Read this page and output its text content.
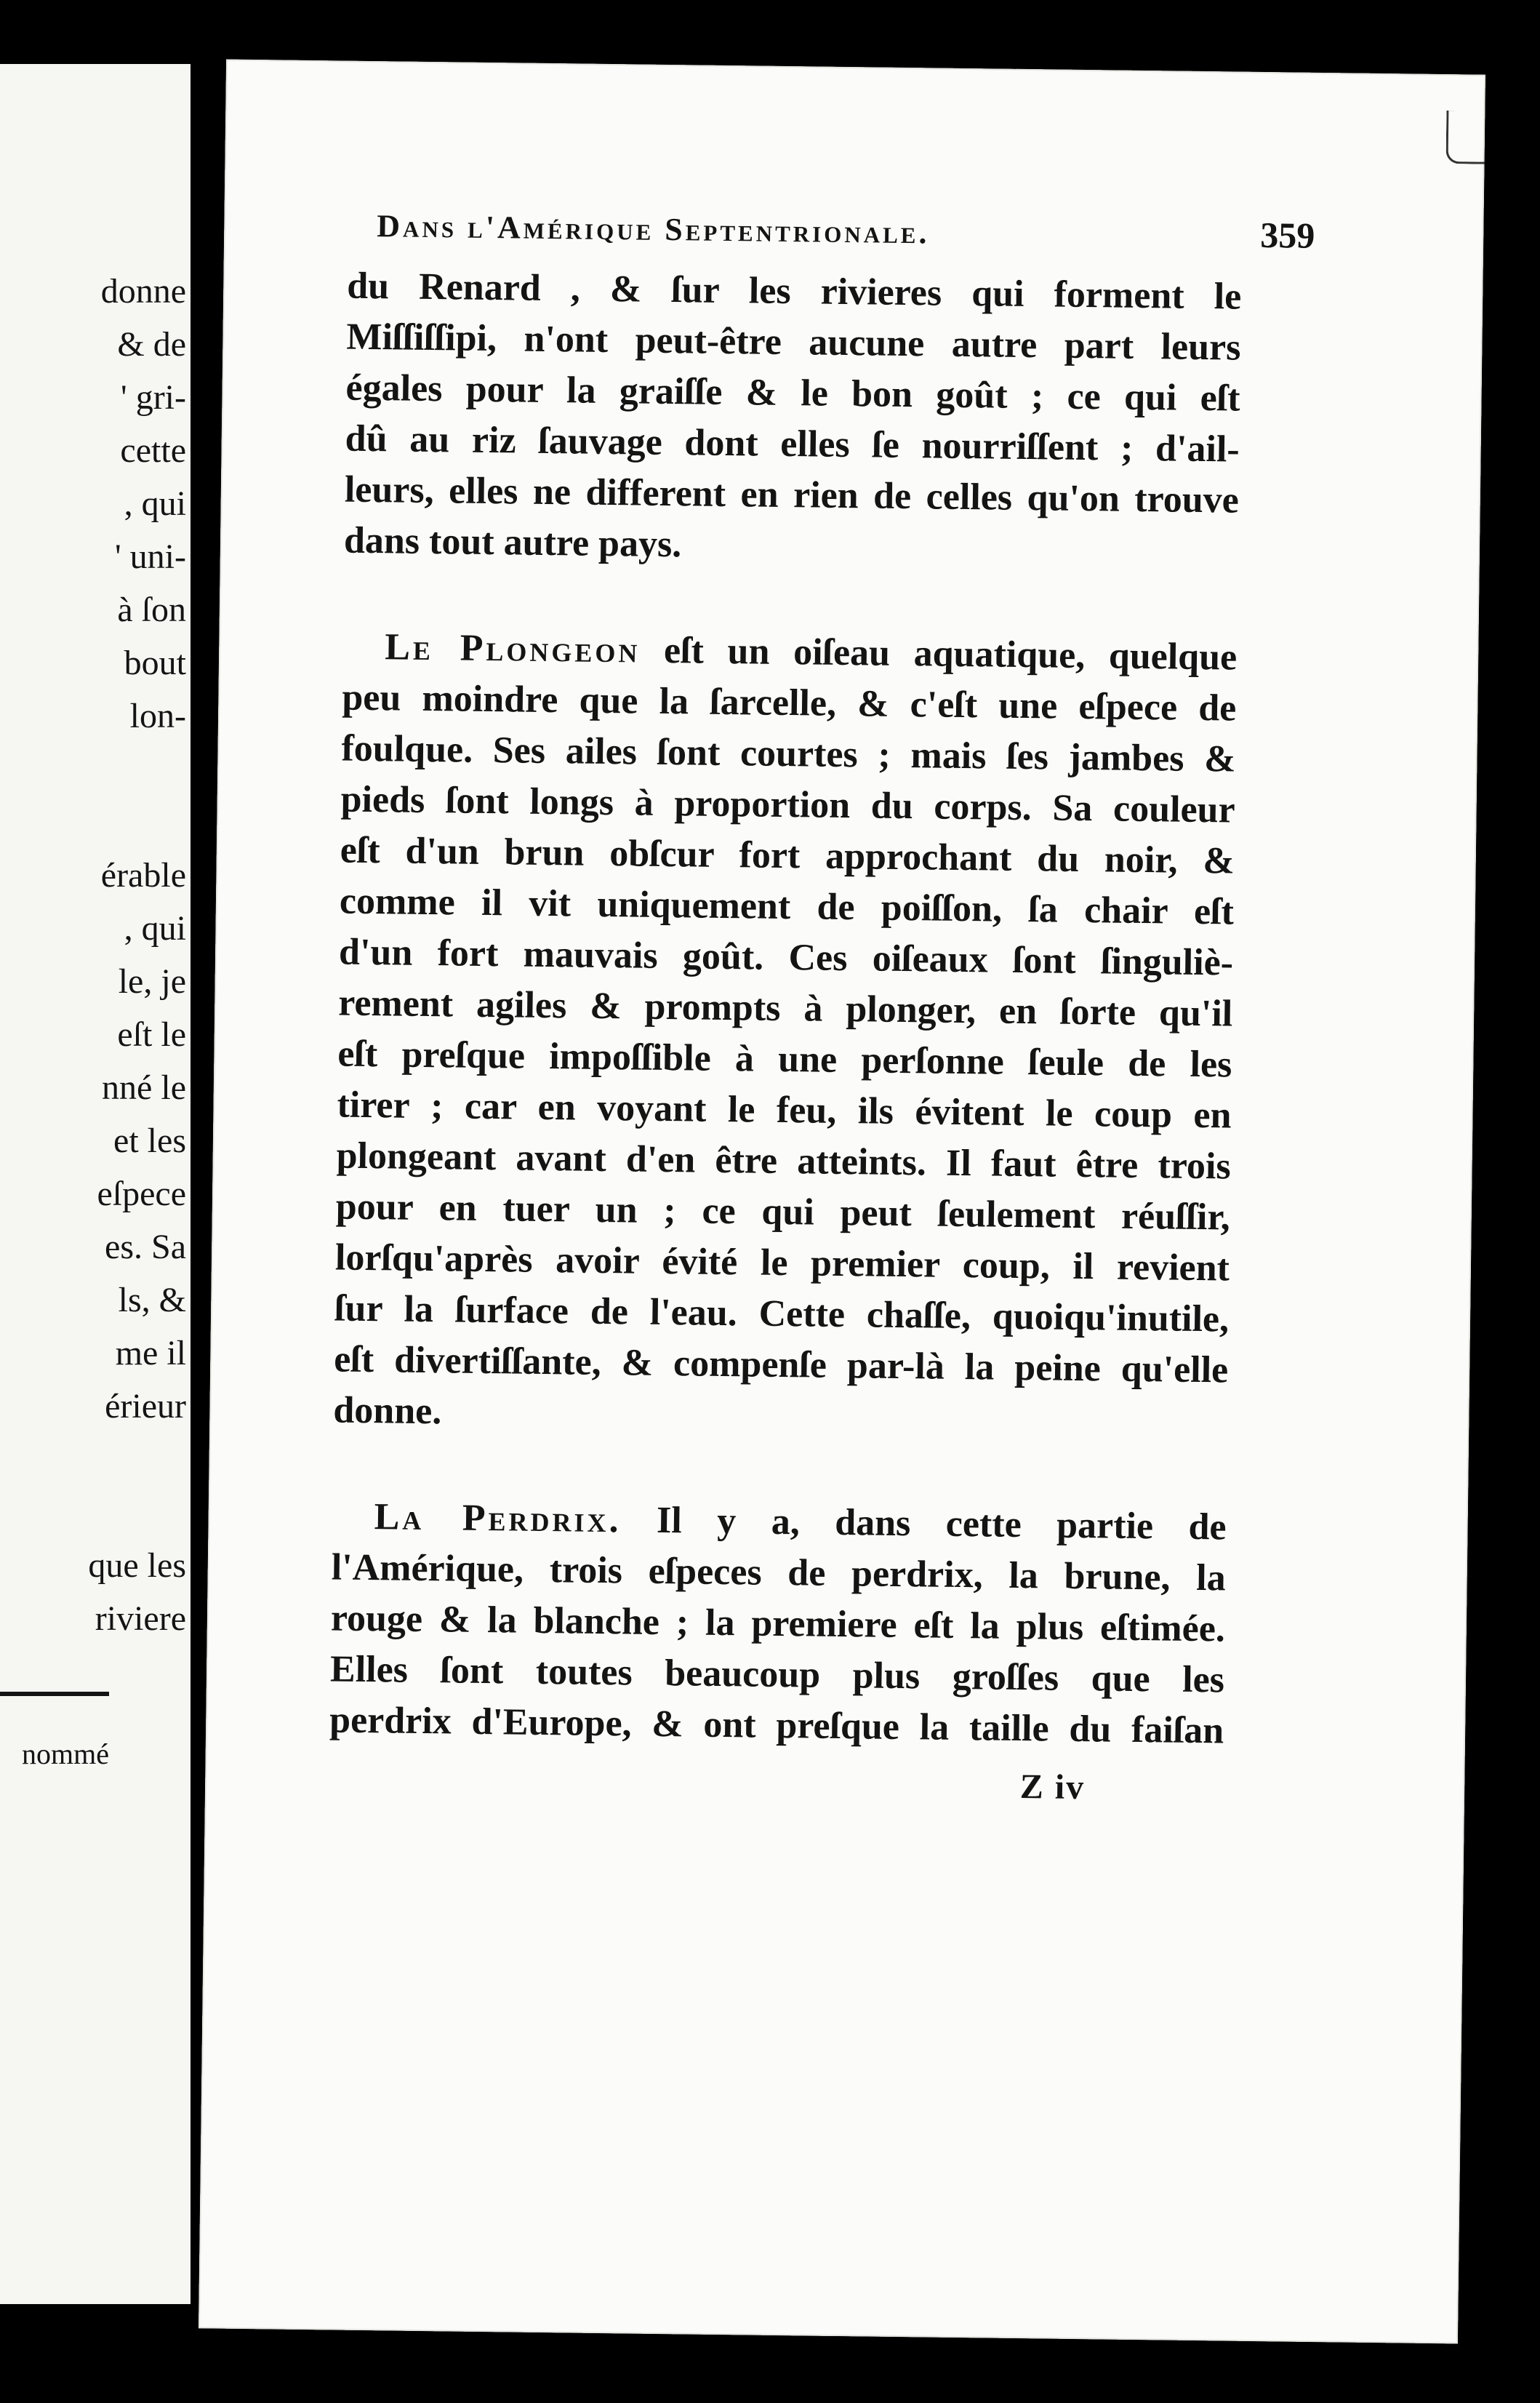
donne
& de
' gri-
cette
, qui
' uni-
à ſon
bout
lon-
érable
, qui
le, je
eſt le
nné le
et les
eſpece
es. Sa
ls, &
me il
érieur
que les
riviere
nommé
Dans l'Amérique Septentrionale.	359

du Renard , & ſur les rivieres qui forment le
Miſſiſſipi, n'ont peut-être aucune autre part leurs
égales pour la graiſſe & le bon goût ; ce qui eſt
dû au riz ſauvage dont elles ſe nourriſſent ; d'ail-
leurs, elles ne different en rien de celles qu'on trouve
dans tout autre pays.

Le Plongeon eſt un oiſeau aquatique, quelque
peu moindre que la ſarcelle, & c'eſt une eſpece de
foulque. Ses ailes ſont courtes ; mais ſes jambes &
pieds ſont longs à proportion du corps. Sa couleur
eſt d'un brun obſcur fort approchant du noir, &
comme il vit uniquement de poiſſon, ſa chair eſt
d'un fort mauvais goût. Ces oiſeaux ſont ſinguliè-
rement agiles & prompts à plonger, en ſorte qu'il
eſt preſque impoſſible à une perſonne ſeule de les
tirer ; car en voyant le feu, ils évitent le coup en
plongeant avant d'en être atteints. Il faut être trois
pour en tuer un ; ce qui peut ſeulement réuſſir,
lorſqu'après avoir évité le premier coup, il revient
ſur la ſurface de l'eau. Cette chaſſe, quoiqu'inutile,
eſt divertiſſante, & compenſe par-là la peine qu'elle
donne.

La Perdrix. Il y a, dans cette partie de
l'Amérique, trois eſpeces de perdrix, la brune, la
rouge & la blanche ; la premiere eſt la plus eſtimée.
Elles ſont toutes beaucoup plus groſſes que les
perdrix d'Europe, & ont preſque la taille du faiſan

Z iv
